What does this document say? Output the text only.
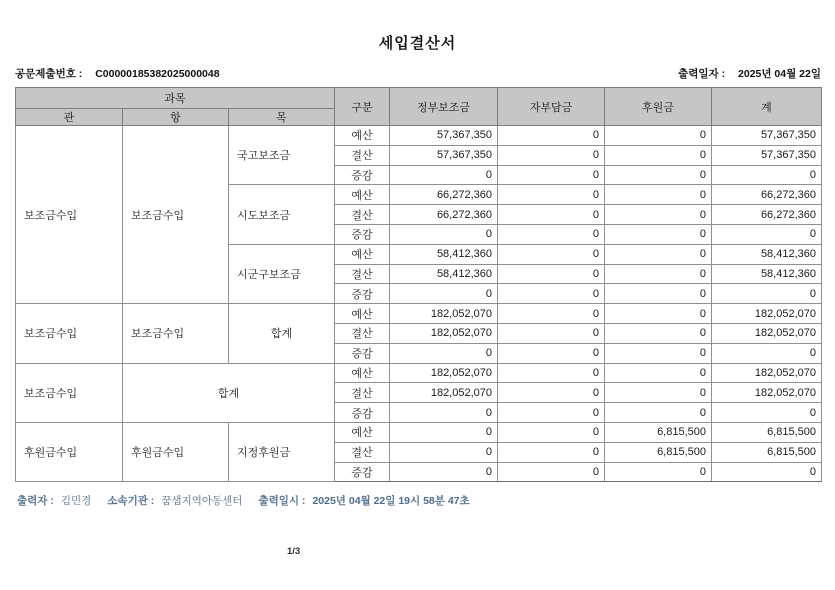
세입결산서
공문제출번호 : C00000185382025000048	출력일자 : 2025년 04월 22일
과목			구분	정부보조금	자부담금	후원금	계
관	항	목					
보조금수입	보조금수입	국고보조금	예산	57,367,350	0	0	57,367,350
			결산	57,367,350	0	0	57,367,350
			증감	0	0	0	0
		시도보조금	예산	66,272,360	0	0	66,272,360
			결산	66,272,360	0	0	66,272,360
			증감	0	0	0	0
		시군구보조금	예산	58,412,360	0	0	58,412,360
			결산	58,412,360	0	0	58,412,360
			증감	0	0	0	0
보조금수입	보조금수입	합계	예산	182,052,070	0	0	182,052,070
			결산	182,052,070	0	0	182,052,070
			증감	0	0	0	0
보조금수입	합계		예산	182,052,070	0	0	182,052,070
			결산	182,052,070	0	0	182,052,070
			증감	0	0	0	0
후원금수입	후원금수입	지정후원금	예산	0	0	6,815,500	6,815,500
			결산	0	0	6,815,500	6,815,500
			증감	0	0	0	0
출력자 : 김민경 소속기관 : 꿈샘지역아동센터 출력일시 : 2025년 04월 22일 19시 58분 47초
1/3
